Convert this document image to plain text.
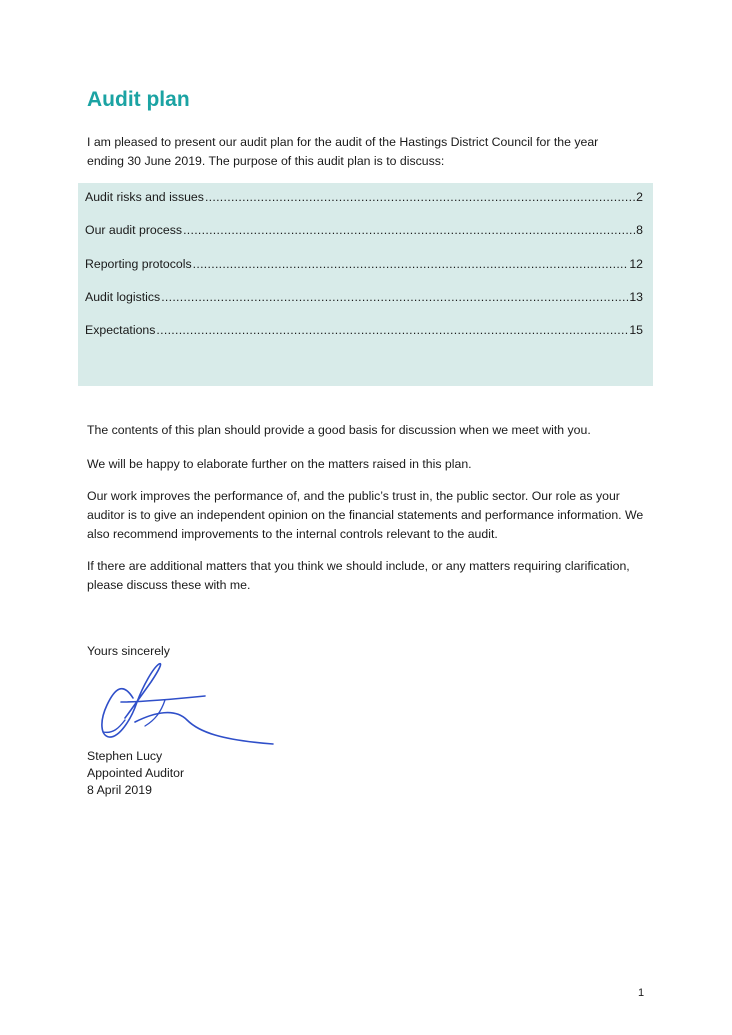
Audit plan
I am pleased to present our audit plan for the audit of the Hastings District Council for the year ending 30 June 2019. The purpose of this audit plan is to discuss:
Audit risks and issues .....	2
Our audit process .....	8
Reporting protocols .....	12
Audit logistics .....	13
Expectations .....	15

The contents of this plan should provide a good basis for discussion when we meet with you.

We will be happy to elaborate further on the matters raised in this plan.

Our work improves the performance of, and the public’s trust in, the public sector. Our role as your auditor is to give an independent opinion on the financial statements and performance information. We also recommend improvements to the internal controls relevant to the audit.

If there are additional matters that you think we should include, or any matters requiring clarification, please discuss these with me.

Yours sincerely

Stephen Lucy
Appointed Auditor
8 April 2019
1
